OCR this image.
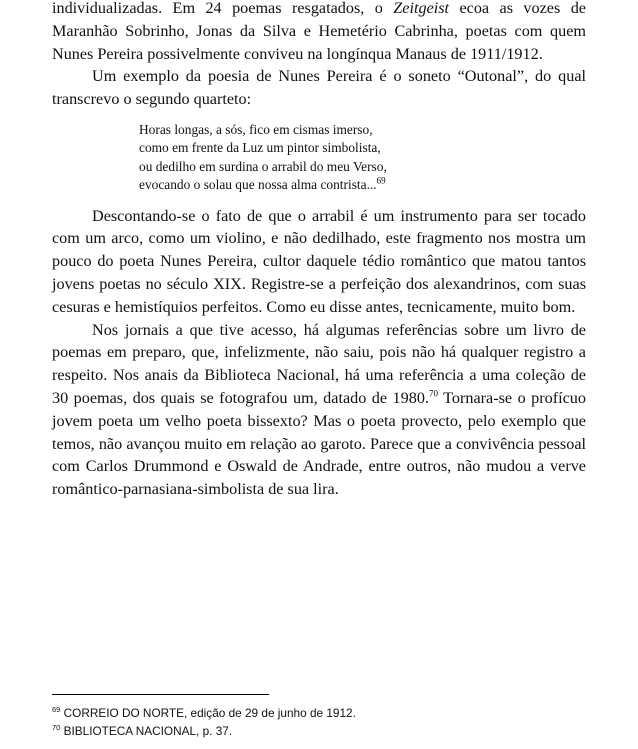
individualizadas. Em 24 poemas resgatados, o Zeitgeist ecoa as vozes de Maranhão Sobrinho, Jonas da Silva e Hemetério Cabrinha, poetas com quem Nunes Pereira possivelmente conviveu na longínqua Manaus de 1911/1912.

Um exemplo da poesia de Nunes Pereira é o soneto “Outonal”, do qual transcrevo o segundo quarteto:

Horas longas, a sós, fico em cismas imerso,
como em frente da Luz um pintor simbolista,
ou dedilho em surdina o arrabil do meu Verso,
evocando o solau que nossa alma contrista...$^{69}$

Descontando-se o fato de que o arrabil é um instrumento para ser tocado com um arco, como um violino, e não dedilhado, este fragmento nos mostra um pouco do poeta Nunes Pereira, cultor daquele tédio romântico que matou tantos jovens poetas no século XIX. Registre-se a perfeição dos alexandrinos, com suas cesuras e hemistíquios perfeitos. Como eu disse antes, tecnicamente, muito bom.

Nos jornais a que tive acesso, há algumas referências sobre um livro de poemas em preparo, que, infelizmente, não saiu, pois não há qualquer registro a respeito. Nos anais da Biblioteca Nacional, há uma referência a uma coleção de 30 poemas, dos quais se fotografou um, datado de 1980.70 Tornara-se o profícuo jovem poeta um velho poeta bissexto? Mas o poeta provecto, pelo exemplo que temos, não avançou muito em relação ao garoto. Parece que a convivência pessoal com Carlos Drummond e Oswald de Andrade, entre outros, não mudou a verve romântico-parnasiana-simbolista de sua lira.

$^{69}$ CORREIO DO NORTE, edição de 29 de junho de 1912.
$^{70}$ BIBLIOTECA NACIONAL, p. 37.
